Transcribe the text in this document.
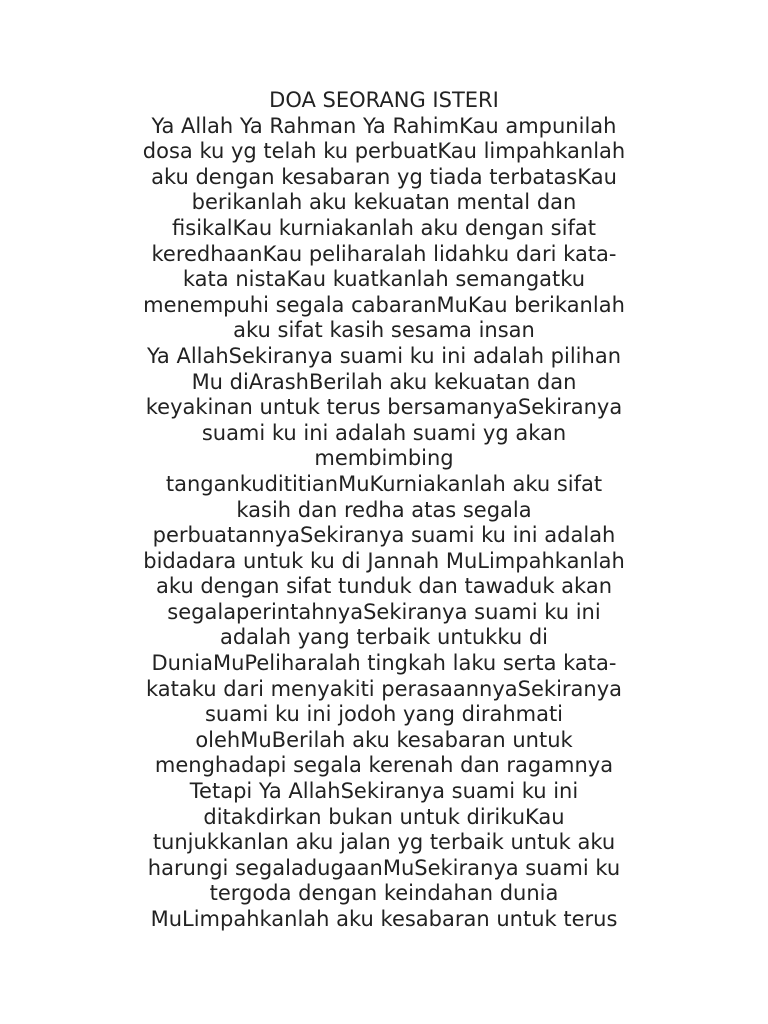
DOA SEORANG ISTERI
Ya Allah Ya Rahman Ya RahimKau ampunilah
dosa ku yg telah ku perbuatKau limpahkanlah
aku dengan kesabaran yg tiada terbatasKau
berikanlah aku kekuatan mental dan
fisikalKau kurniakanlah aku dengan sifat
keredhaanKau peliharalah lidahku dari kata-
kata nistaKau kuatkanlah semangatku
menempuhi segala cabaranMuKau berikanlah
aku sifat kasih sesama insan
Ya AllahSekiranya suami ku ini adalah pilihan
Mu diArashBerilah aku kekuatan dan
keyakinan untuk terus bersamanyaSekiranya
suami ku ini adalah suami yg akan
membimbing
tangankudititianMuKurniakanlah aku sifat
kasih dan redha atas segala
perbuatannyaSekiranya suami ku ini adalah
bidadara untuk ku di Jannah MuLimpahkanlah
aku dengan sifat tunduk dan tawaduk akan
segalaperintahnyaSekiranya suami ku ini
adalah yang terbaik untukku di
DuniaMuPeliharalah tingkah laku serta kata-
kataku dari menyakiti perasaannyaSekiranya
suami ku ini jodoh yang dirahmati
olehMuBerilah aku kesabaran untuk
menghadapi segala kerenah dan ragamnya
Tetapi Ya AllahSekiranya suami ku ini
ditakdirkan bukan untuk dirikuKau
tunjukkanlan aku jalan yg terbaik untuk aku
harungi segaladugaanMuSekiranya suami ku
tergoda dengan keindahan dunia
MuLimpahkanlah aku kesabaran untuk terus
